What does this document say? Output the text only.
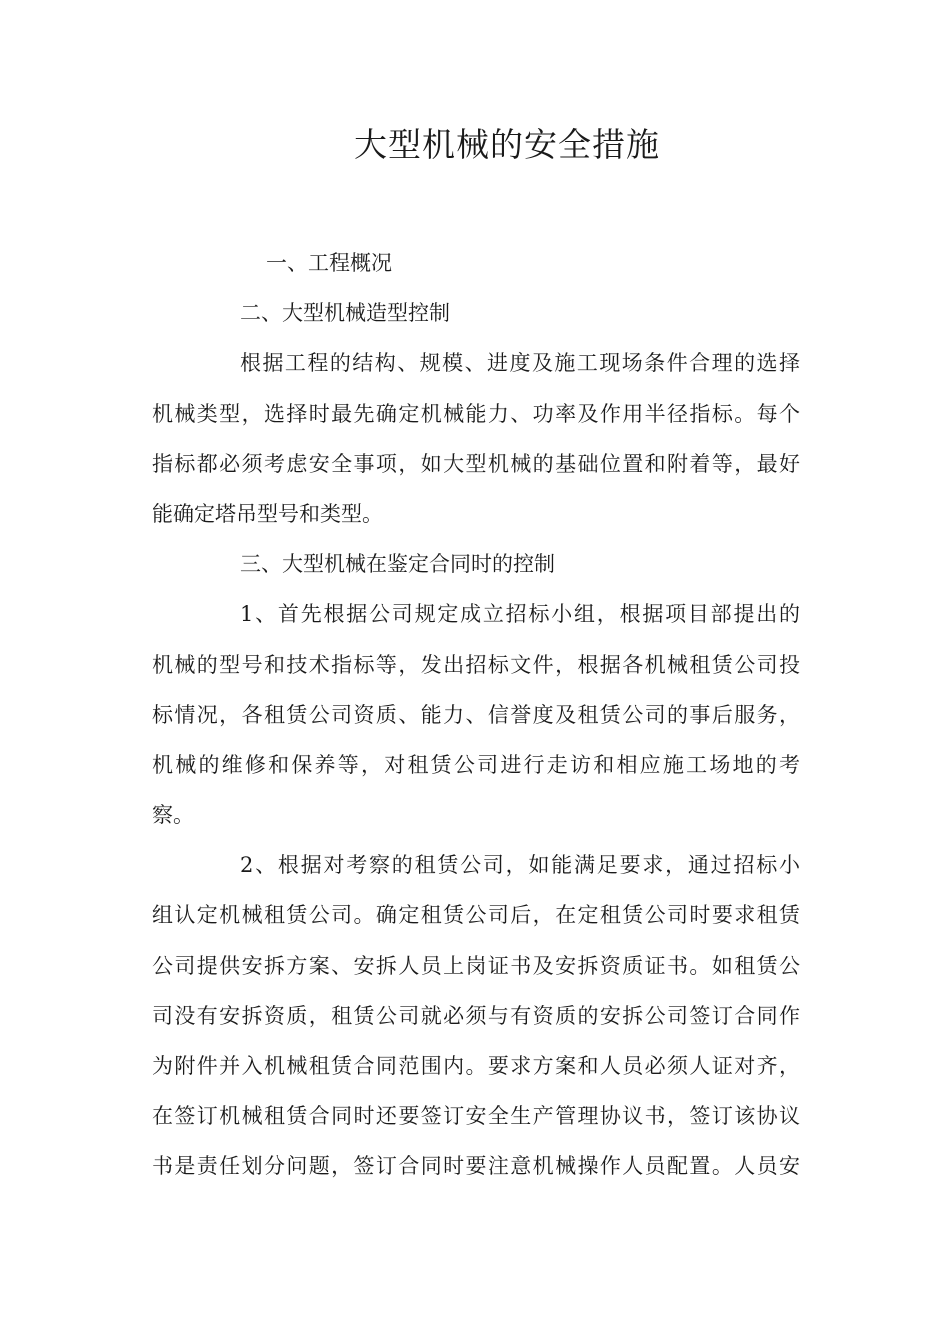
大型机械的安全措施
一、工程概况
二、大型机械造型控制

根据工程的结构、规模、进度及施工现场条件合理的选择
机械类型，选择时最先确定机械能力、功率及作用半径指标。每个
指标都必须考虑安全事项，如大型机械的基础位置和附着等，最好
能确定塔吊型号和类型。

三、大型机械在鉴定合同时的控制

1、首先根据公司规定成立招标小组，根据项目部提出的
机械的型号和技术指标等，发出招标文件，根据各机械租赁公司投
标情况，各租赁公司资质、能力、信誉度及租赁公司的事后服务，
机械的维修和保养等，对租赁公司进行走访和相应施工场地的考
察。

2、根据对考察的租赁公司，如能满足要求，通过招标小
组认定机械租赁公司。确定租赁公司后，在定租赁公司时要求租赁
公司提供安拆方案、安拆人员上岗证书及安拆资质证书。如租赁公
司没有安拆资质，租赁公司就必须与有资质的安拆公司签订合同作
为附件并入机械租赁合同范围内。要求方案和人员必须人证对齐，
在签订机械租赁合同时还要签订安全生产管理协议书，签订该协议
书是责任划分问题，签订合同时要注意机械操作人员配置。人员安
